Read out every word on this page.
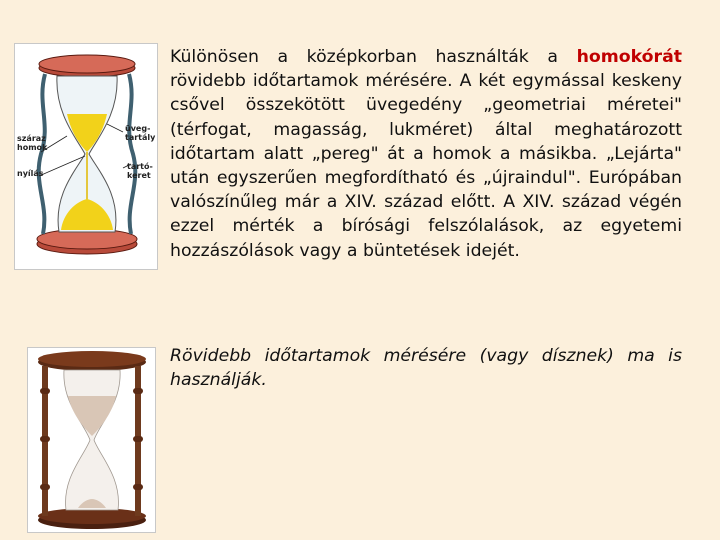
száraz
homok
nyílás
üveg-
tartály
tartó-
keret
Különösen a középkorban használták a homokórát rövidebb időtartamok mérésére. A két egymással keskeny csővel összekötött üvegedény „geometriai méretei" (térfogat, magasság, lukméret) által meghatározott időtartam alatt „pereg" át a homok a másikba. „Lejárta" után egyszerűen megfordítható és „újraindul". Európában valószínűleg már a XIV. század előtt. A XIV. század végén ezzel mérték a bírósági felszólalások, az egyetemi hozzászólások vagy a büntetések idejét.
Rövidebb időtartamok mérésére (vagy dísznek) ma is használják.
